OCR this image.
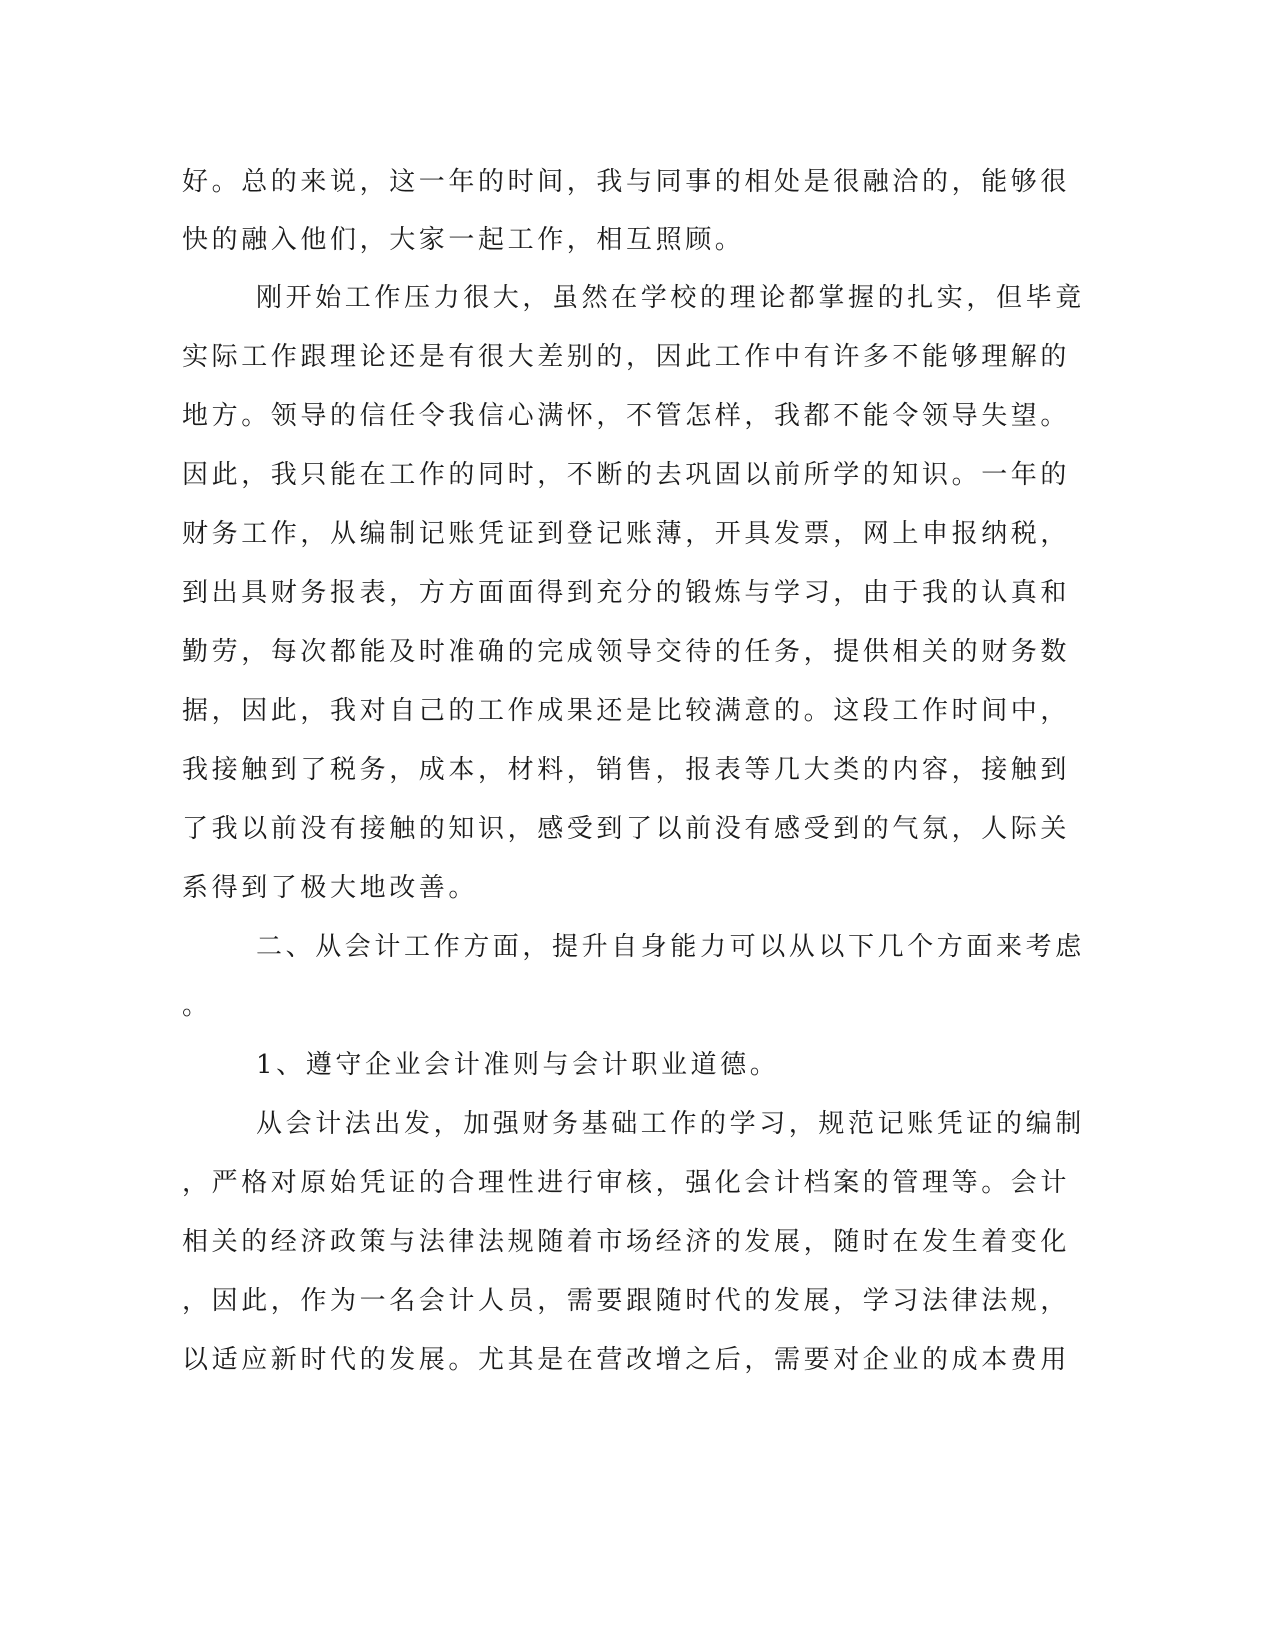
好。总的来说，这一年的时间，我与同事的相处是很融洽的，能够很
快的融入他们，大家一起工作，相互照顾。
刚开始工作压力很大，虽然在学校的理论都掌握的扎实，但毕竟
实际工作跟理论还是有很大差别的，因此工作中有许多不能够理解的
地方。领导的信任令我信心满怀，不管怎样，我都不能令领导失望。
因此，我只能在工作的同时，不断的去巩固以前所学的知识。一年的
财务工作，从编制记账凭证到登记账薄，开具发票，网上申报纳税，
到出具财务报表，方方面面得到充分的锻炼与学习，由于我的认真和
勤劳，每次都能及时准确的完成领导交待的任务，提供相关的财务数
据，因此，我对自己的工作成果还是比较满意的。这段工作时间中，
我接触到了税务，成本，材料，销售，报表等几大类的内容，接触到
了我以前没有接触的知识，感受到了以前没有感受到的气氛，人际关
系得到了极大地改善。
二、从会计工作方面，提升自身能力可以从以下几个方面来考虑
。
1、遵守企业会计准则与会计职业道德。
从会计法出发，加强财务基础工作的学习，规范记账凭证的编制
，严格对原始凭证的合理性进行审核，强化会计档案的管理等。会计
相关的经济政策与法律法规随着市场经济的发展，随时在发生着变化
，因此，作为一名会计人员，需要跟随时代的发展，学习法律法规，
以适应新时代的发展。尤其是在营改增之后，需要对企业的成本费用
